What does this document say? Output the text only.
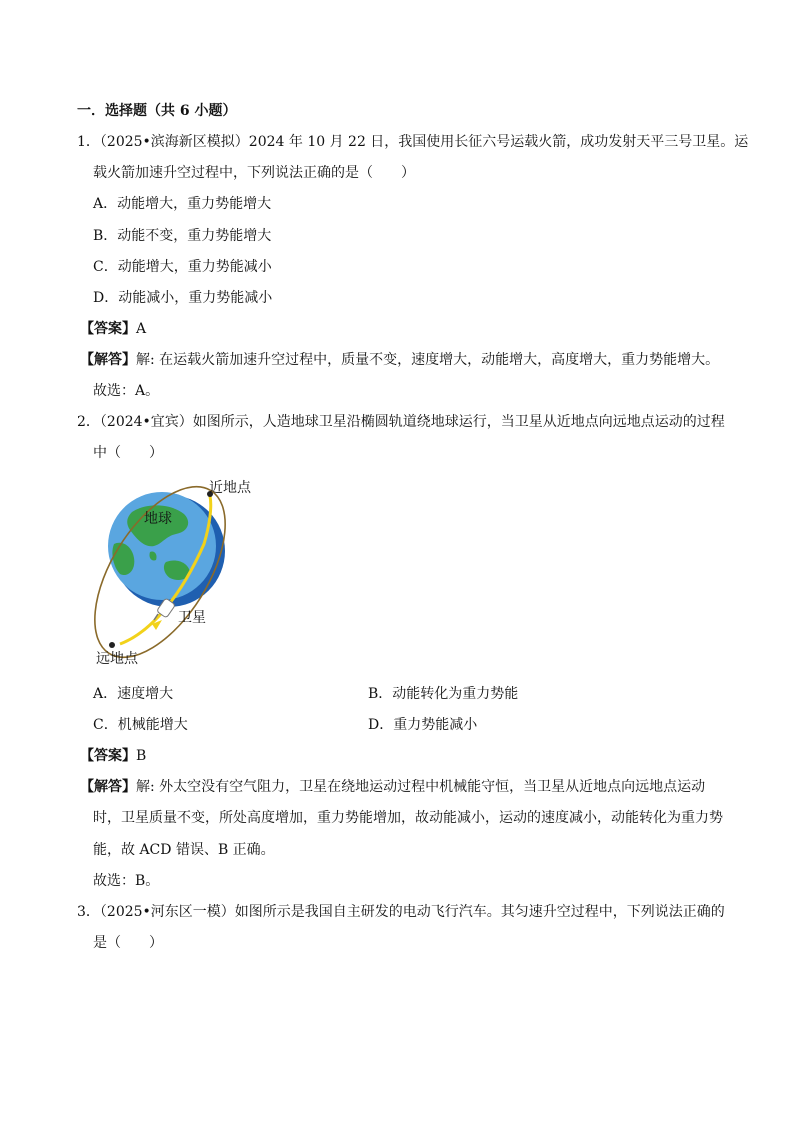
一．选择题（共 6 小题）
1．（2025•滨海新区模拟）2024 年 10 月 22 日，我国使用长征六号运载火箭，成功发射天平三号卫星。运
载火箭加速升空过程中，下列说法正确的是（　　）
A．动能增大，重力势能增大
B．动能不变，重力势能增大
C．动能增大，重力势能减小
D．动能减小，重力势能减小
【答案】A
【解答】解: 在运载火箭加速升空过程中，质量不变，速度增大，动能增大，高度增大，重力势能增大。
故选：A。
2．（2024•宜宾）如图所示，人造地球卫星沿椭圆轨道绕地球运行，当卫星从近地点向远地点运动的过程
中（　　）
近地点
地球
卫星
远地点
A．速度增大	B．动能转化为重力势能
C．机械能增大	D．重力势能减小
【答案】B
【解答】解: 外太空没有空气阻力，卫星在绕地运动过程中机械能守恒，当卫星从近地点向远地点运动
时，卫星质量不变，所处高度增加，重力势能增加，故动能减小，运动的速度减小，动能转化为重力势
能，故 ACD 错误、B 正确。
故选：B。
3．（2025•河东区一模）如图所示是我国自主研发的电动飞行汽车。其匀速升空过程中，下列说法正确的
是（　　）
